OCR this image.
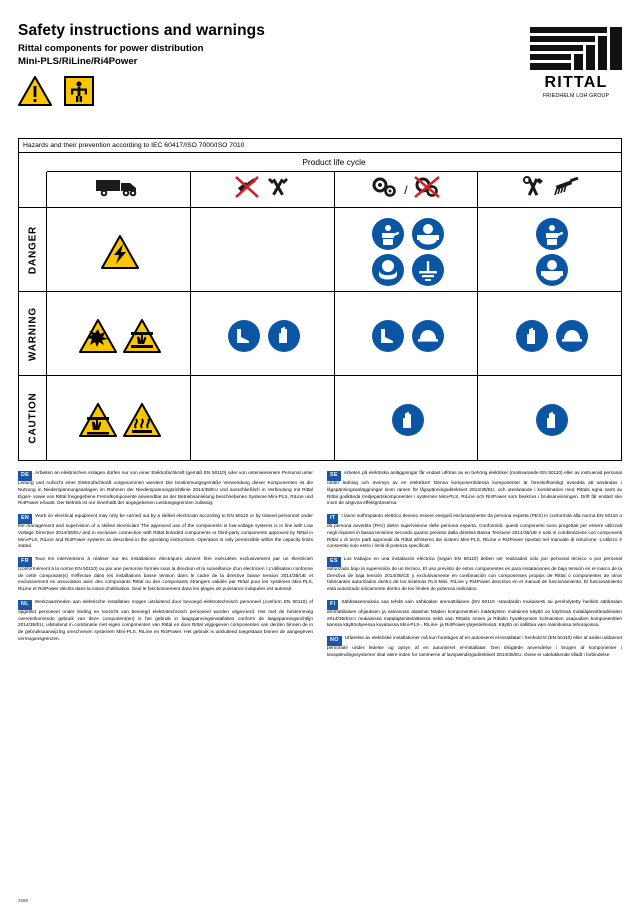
Safety instructions and warnings
Rittal components for power distribution
Mini-PLS/RiLine/Ri4Power
RITTAL
FRIEDHELM LOH GROUP
Hazards and their prevention according to IEC 60417/ISO 7000/ISO 7010
Product life cycle
DANGER
WARNING
CAUTION
/
DE Arbeiten an elektrischen Anlagen dürfen nur von einer Elektrofachkraft (gemäß EN 50110) oder von unterwiesenem Personal unter Leitung und Aufsicht einer Elektrofachkraft vorgenommen werden! Die bestimmungsgemäße Verwendung dieser Komponenten ist die Nutzung in Niederspannungsanlagen im Rahmen der Niederspannungsrichtlinie 2014/35/EU und ausschließlich in Verbindung mit Rittal Eigen- sowie von Rittal freigegebene Fremdkomponente anwendbar an der Betriebsanleitung beschriebenen Systeme Mini-PLS, RiLine und Ri4Power erlaubt. Der Betrieb ist nur innerhalb der angegebenen Leistungsgrenzen zulässig.

EN Work on electrical equipment may only be carried out by a skilled electrician according to EN 50110 or by trained personnel under the management and supervision of a skilled electrician! The approved use of the components in low-voltage systems is in line with Low Voltage Directive 2014/35/EU and in exclusive connection with Rittal branded components or third-party components approved by Rittal in Mini-PLS, RiLine and Ri4Power systems as described in the operating instructions. Operation is only permissible within the capacity limits stated.

FR Tous les interventions à réaliser sur les installations électriques doivent être exécutées exclusivement par un électricien (conformément à la norme EN 50110) ou par une personne formée sous la direction et la surveillance d'un électricien ! L'utilisation conforme de cette composant(s) s'effectue dans les installations basse tension dans le cadre de la directive basse tension 2014/35/UE et exclusivement en association avec des composants Rittal ou des composants étrangers validés par Rittal pour les systèmes Mini-PLS, RiLine et Ri4Power décrits dans la notice d'utilisation. Seul le fonctionnement dans les plages de puissance indiquées est autorisé.

NL Werkzaamheden aan elektrische installaties mogen uitsluitend door bevoegd elektrotechnisch personeel (conform EN 50110) of opgeleid personeel onder leiding en toezicht van bevoegd elektrotechnisch personeel worden uitgevoerd. Het met de bestemming overeenkomende gebruik van deze component(en) is het gebruik in laagspanningsinstallaties conform de laagspanningsrichtlijn 2014/35/EU, uitsluitend in combinatie met eigen componenten van Rittal en door Rittal vrijgegeven componenten van derden binnen de in de gebruiksaanwijzing omschreven systemen Mini-PLS, RiLine en Ri4Power. Het gebruik is uitsluitend toegestaan binnen de aangegeven vermogensgrenzen.

SE Arbeten på elektriska anläggningar får endast utföras av en behörig elektriker (motsvarande EN 50110) eller av instruerad personal under ledning och översyn av en elektriker! Denna komponent/dessa komponenter är föreskriftsenligt avsedda att användas i lågspänningsanläggningar inom ramen för lågspänningsdirektivet 2014/35/EU, och uteslutande i kombination med Rittals egna samt av Rittal godkända tredjepartskomponenter i systemen Mini-PLS, RiLine och Ri4Power som beskrivs i bruksanvisningen. Drift får endast ske inom de angivna effektgränserna.

IT I lavori sull'impianto elettrico devono essere eseguiti esclusivamente da persona esperta (PES) in conformità alla norma EN 50110 o da persona avvertita (PAV) dietro supervisione delle persona esperta. Conformità: questi componenti sono progettati per essere utilizzati negli impianti in bassa tensione secondo quanto previsto dalla direttiva Bassa Tensione 2014/35/UE e solo in combinazione con componenti Rittal o di terze parti approvati da Rittal all'interno dei sistemi Mini-PLS, RiLine e Ri4Power riportati nel manuale di istruzione. L'utilizzo è consentito solo entro i limiti di potenza specificati.

ES Los trabajos en una instalación eléctrica (según EN 50110) deben ser realizados sólo por personal técnico o por personal autorizado bajo la supervisión de un técnico. El uso previsto de estos componentes es para instalaciones de baja tensión en el marco de la Directiva de baja tensión 2014/35/CE y exclusivamente en combinación con componentes propios de Rittal o componentes de otros fabricantes autorizados dentro de los sistemas PLS-Mini, RiLine y Ri4Power descritos en el manual de funcionamiento. El funcionamiento está autorizado únicamente dentro de los límites de potencia indicados.

FI Sähköasennuksia saa tehdä vain sähköalan ammattilainen (EN 50110 -standardin mukaisesti tai perehdytetty henkilö sähköalan ammattilaisen ohjauksen ja valvonnan alaisina! Näiden komponenttien määräysten mukainen käyttö on käytössä matalajännitteadireiden 2014/35/EU:n mukaisissa matalajännitelaitteissa sekä vain Rittalin omien ja Rittalin hyväksymien kolmansien osapuolien komponenttien kanssa käyttöohjeessa kuvatuissa Mini-PLS-, RiLine- ja Ri4Power-järjestelmissä. Käyttö on sallittua vain mainituissa tehorajoissa.

NO Utførelse av elektriske installationer må kun foretages af en autoriseret el-installatør i henhold til (EN 50110) eller af andet uddannet personale under ledelse og opsyn af en autoriseret el-installatør. Den tilsigtede anvendelse i brugen af komponenter i lavspændingssystemer skal være inden for rammerne af lavspændingsdirektivet 2014/35/EU. Disse er udelukkende tilladt i forbindelse

2688
